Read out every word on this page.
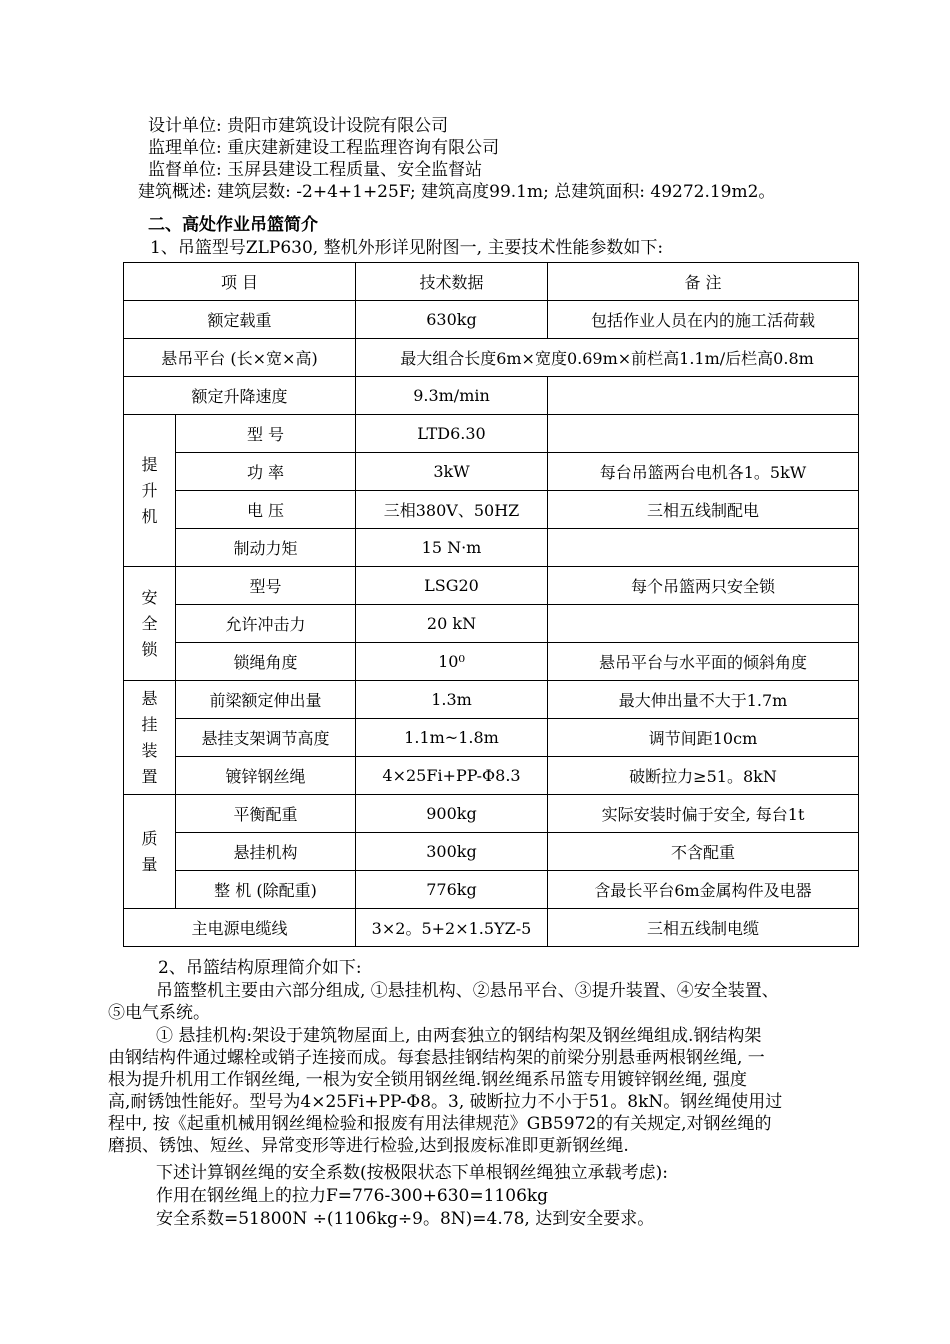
设计单位: 贵阳市建筑设计设院有限公司
监理单位: 重庆建新建设工程监理咨询有限公司
监督单位: 玉屏县建设工程质量、安全监督站
建筑概述: 建筑层数: -2+4+1+25F; 建筑高度99.1m; 总建筑面积: 49272.19m2。
二、高处作业吊篮简介
1、吊篮型号ZLP630, 整机外形详见附图一, 主要技术性能参数如下:
项 目		技术数据	备 注
额定载重		630kg	包括作业人员在内的施工活荷载
悬吊平台 (长×宽×高)		最大组合长度6m×宽度0.69m×前栏高1.1m/后栏高0.8m	
额定升降速度		9.3m/min	

提
升
机	型 号	LTD6.30	
	功 率	3kW	每台吊篮两台电机各1。5kW
	电 压	三相380V、50HZ	三相五线制配电
	制动力矩	15 N·m	

安
全
锁	型号	LSG20	每个吊篮两只安全锁
	允许冲击力	20 kN	
	锁绳角度	10⁰	悬吊平台与水平面的倾斜角度

悬
挂
装
置	前梁额定伸出量	1.3m	最大伸出量不大于1.7m
	悬挂支架调节高度	1.1m~1.8m	调节间距10cm
	镀锌钢丝绳	4×25Fi+PP-Φ8.3	破断拉力≥51。8kN

质
量	平衡配重	900kg	实际安装时偏于安全, 每台1t
	悬挂机构	300kg	不含配重
	整 机 (除配重)	776kg	含最长平台6m金属构件及电器
主电源电缆线		3×2。5+2×1.5YZ-5	三相五线制电缆
2、吊篮结构原理简介如下:
吊篮整机主要由六部分组成, ①悬挂机构、②悬吊平台、③提升装置、④安全装置、
⑤电气系统。
① 悬挂机构:架设于建筑物屋面上, 由两套独立的钢结构架及钢丝绳组成.钢结构架
由钢结构件通过螺栓或销子连接而成。每套悬挂钢结构架的前梁分别悬垂两根钢丝绳, 一
根为提升机用工作钢丝绳, 一根为安全锁用钢丝绳.钢丝绳系吊篮专用镀锌钢丝绳, 强度
高,耐锈蚀性能好。型号为4×25Fi+PP-Φ8。3, 破断拉力不小于51。8kN。钢丝绳使用过
程中, 按《起重机械用钢丝绳检验和报废有用法律规范》GB5972的有关规定,对钢丝绳的
磨损、锈蚀、短丝、异常变形等进行检验,达到报废标准即更新钢丝绳.
下述计算钢丝绳的安全系数(按极限状态下单根钢丝绳独立承载考虑):
作用在钢丝绳上的拉力F=776-300+630=1106kg
安全系数=51800N ÷(1106kg÷9。8N)=4.78, 达到安全要求。
